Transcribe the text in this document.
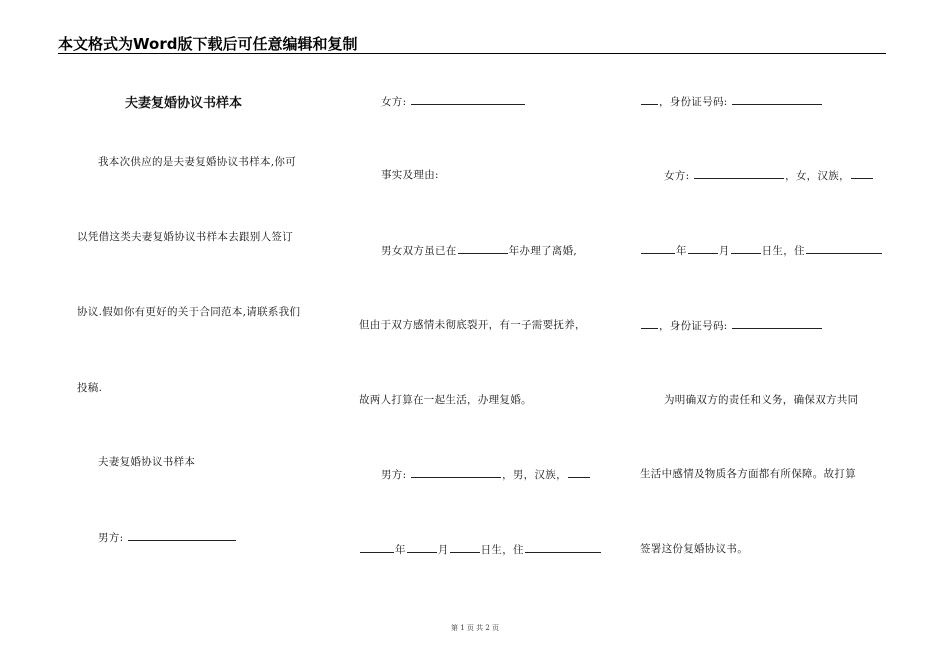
本文格式为Word版下载后可任意编辑和复制
夫妻复婚协议书样本
我本次供应的是夫妻复婚协议书样本,你可
以凭借这类夫妻复婚协议书样本去跟别人签订
协议.假如你有更好的关于合同范本,请联系我们
投稿.
夫妻复婚协议书样本
男方:
女方:
事实及理由:
男女双方虽已在	年办理了离婚,
但由于双方感情未彻底裂开，有一子需要抚养，
故两人打算在一起生活，办理复婚。
男方:	，男，汉族，
年	月	日生，住
，身份证号码:
女方:	，女，汉族，
年	月	日生，住
，身份证号码:
为明确双方的责任和义务，确保双方共同
生活中感情及物质各方面都有所保障。故打算
签署这份复婚协议书。
第 1 页 共 2 页
